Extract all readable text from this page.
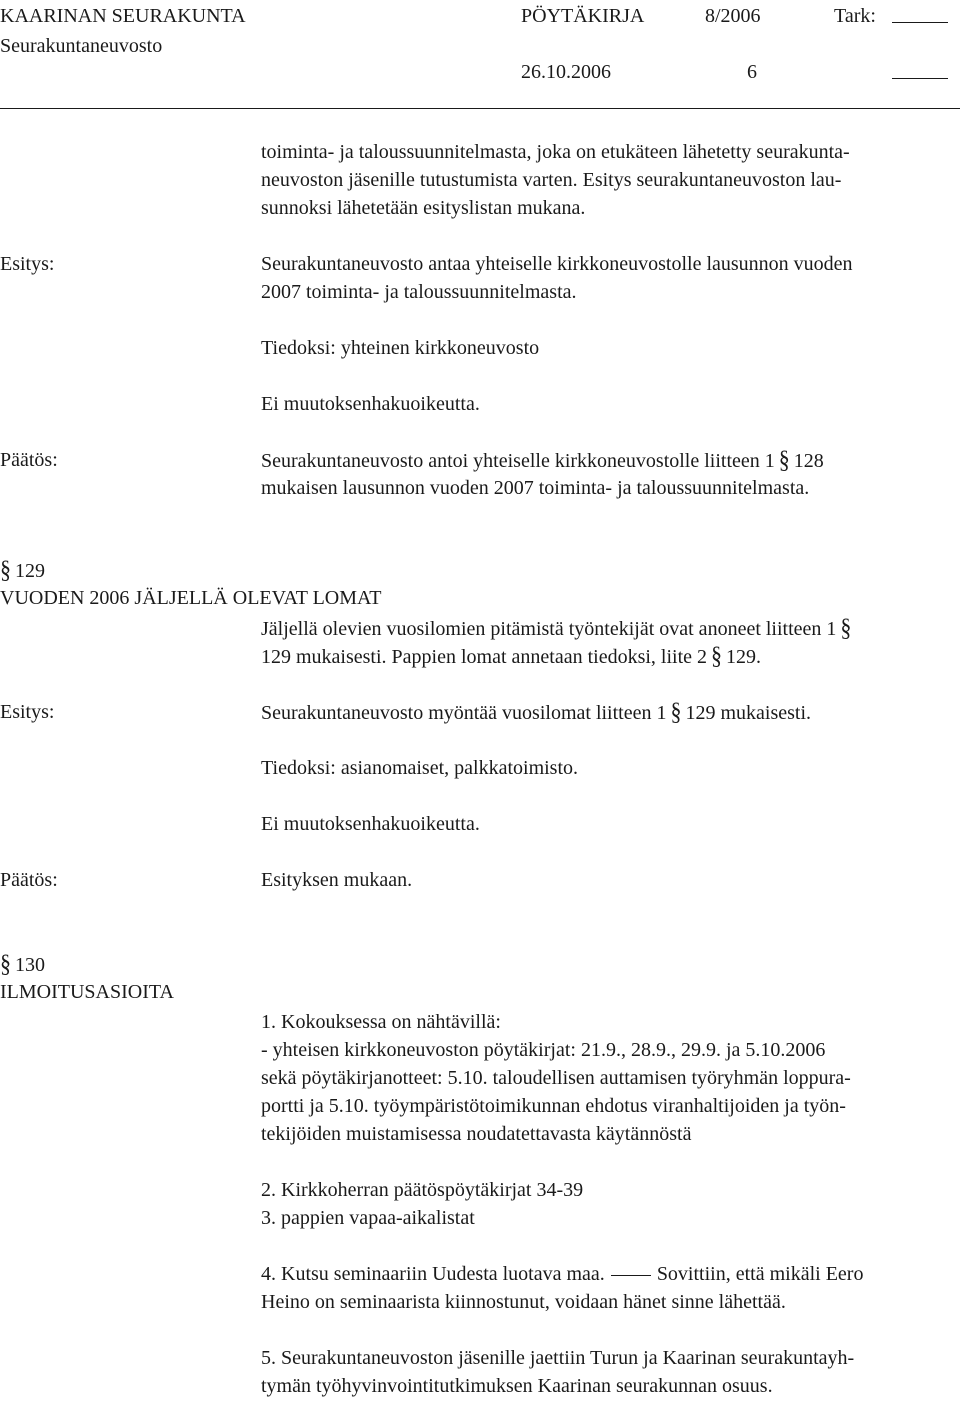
KAARINAN SEURAKUNTA	PÖYTÄKIRJA	8/2006	Tark:
Seurakuntaneuvosto
26.10.2006	6
toiminta- ja taloussuunnitelmasta, joka on etukäteen lähetetty seurakunta-
neuvoston jäsenille tutustumista varten. Esitys seurakuntaneuvoston lau-
sunnoksi lähetetään esityslistan mukana.
Esitys:	Seurakuntaneuvosto antaa yhteiselle kirkkoneuvostolle lausunnon vuoden
2007 toiminta- ja taloussuunnitelmasta.
Tiedoksi: yhteinen kirkkoneuvosto
Ei muutoksenhakuoikeutta.
Päätös:	Seurakuntaneuvosto antoi yhteiselle kirkkoneuvostolle liitteen 1 § 128
mukaisen lausunnon vuoden 2007 toiminta- ja taloussuunnitelmasta.
§ 129
VUODEN 2006 JÄLJELLÄ OLEVAT LOMAT
Jäljellä olevien vuosilomien pitämistä työntekijät ovat anoneet liitteen 1 §
129 mukaisesti. Pappien lomat annetaan tiedoksi, liite 2 § 129.
Esitys:	Seurakuntaneuvosto myöntää vuosilomat liitteen 1 § 129 mukaisesti.
Tiedoksi: asianomaiset, palkkatoimisto.
Ei muutoksenhakuoikeutta.
Päätös:	Esityksen mukaan.
§ 130
ILMOITUSASIOITA
1. Kokouksessa on nähtävillä:
- yhteisen kirkkoneuvoston pöytäkirjat: 21.9., 28.9., 29.9. ja 5.10.2006
sekä pöytäkirjanotteet: 5.10. taloudellisen auttamisen työryhmän loppura-
portti ja 5.10. työympäristötoimikunnan ehdotus viranhaltijoiden ja työn-
tekijöiden muistamisessa noudatettavasta käytännöstä
2. Kirkkoherran päätöspöytäkirjat 34-39
3. pappien vapaa-aikalistat
4. Kutsu seminaariin Uudesta luotava maa.	Sovittiin, että mikäli Eero
Heino on seminaarista kiinnostunut, voidaan hänet sinne lähettää.
5. Seurakuntaneuvoston jäsenille jaettiin Turun ja Kaarinan seurakuntayh-
tymän työhyvinvointitutkimuksen Kaarinan seurakunnan osuus.
